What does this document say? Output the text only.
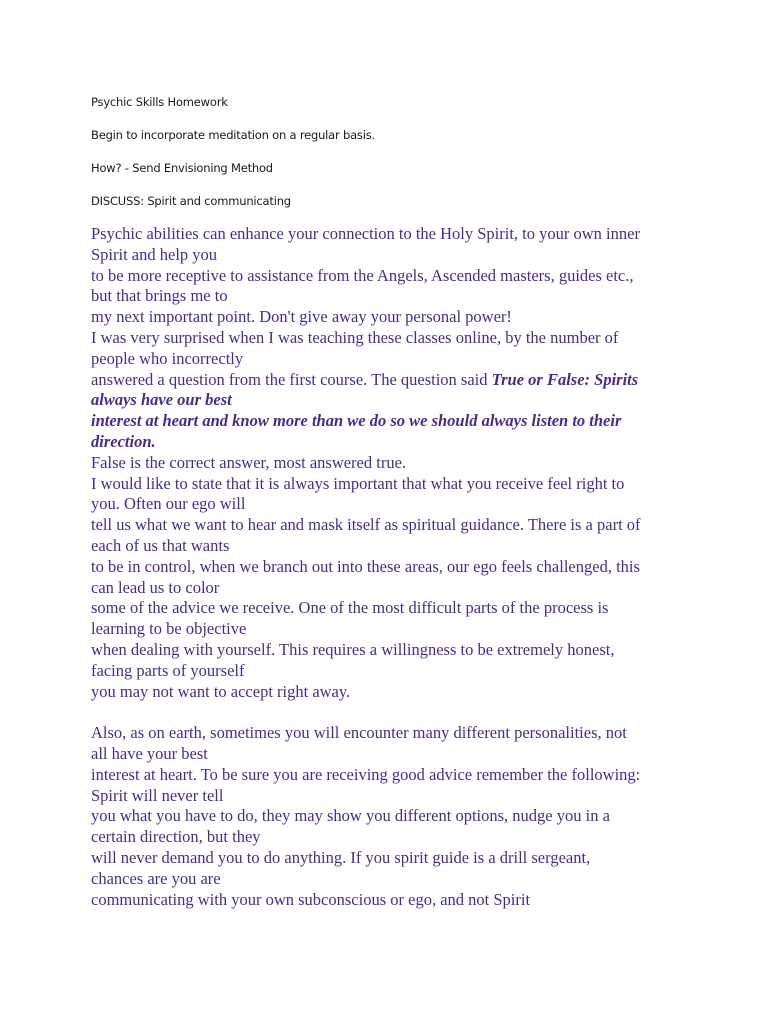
Psychic Skills Homework
Begin to incorporate meditation on a regular basis.
How? - Send Envisioning Method
DISCUSS: Spirit and communicating
Psychic abilities can enhance your connection to the Holy Spirit, to your own inner
Spirit and help you
to be more receptive to assistance from the Angels, Ascended masters, guides etc.,
but that brings me to
my next important point. Don't give away your personal power!
I was very surprised when I was teaching these classes online, by the number of
people who incorrectly
answered a question from the first course. The question said True or False: Spirits
always have our best
interest at heart and know more than we do so we should always listen to their
direction.
False is the correct answer, most answered true.
I would like to state that it is always important that what you receive feel right to
you. Often our ego will
tell us what we want to hear and mask itself as spiritual guidance. There is a part of
each of us that wants
to be in control, when we branch out into these areas, our ego feels challenged, this
can lead us to color
some of the advice we receive. One of the most difficult parts of the process is
learning to be objective
when dealing with yourself. This requires a willingness to be extremely honest,
facing parts of yourself
you may not want to accept right away.
Also, as on earth, sometimes you will encounter many different personalities, not
all have your best
interest at heart. To be sure you are receiving good advice remember the following:
Spirit will never tell
you what you have to do, they may show you different options, nudge you in a
certain direction, but they
will never demand you to do anything. If you spirit guide is a drill sergeant,
chances are you are
communicating with your own subconscious or ego, and not Spirit
